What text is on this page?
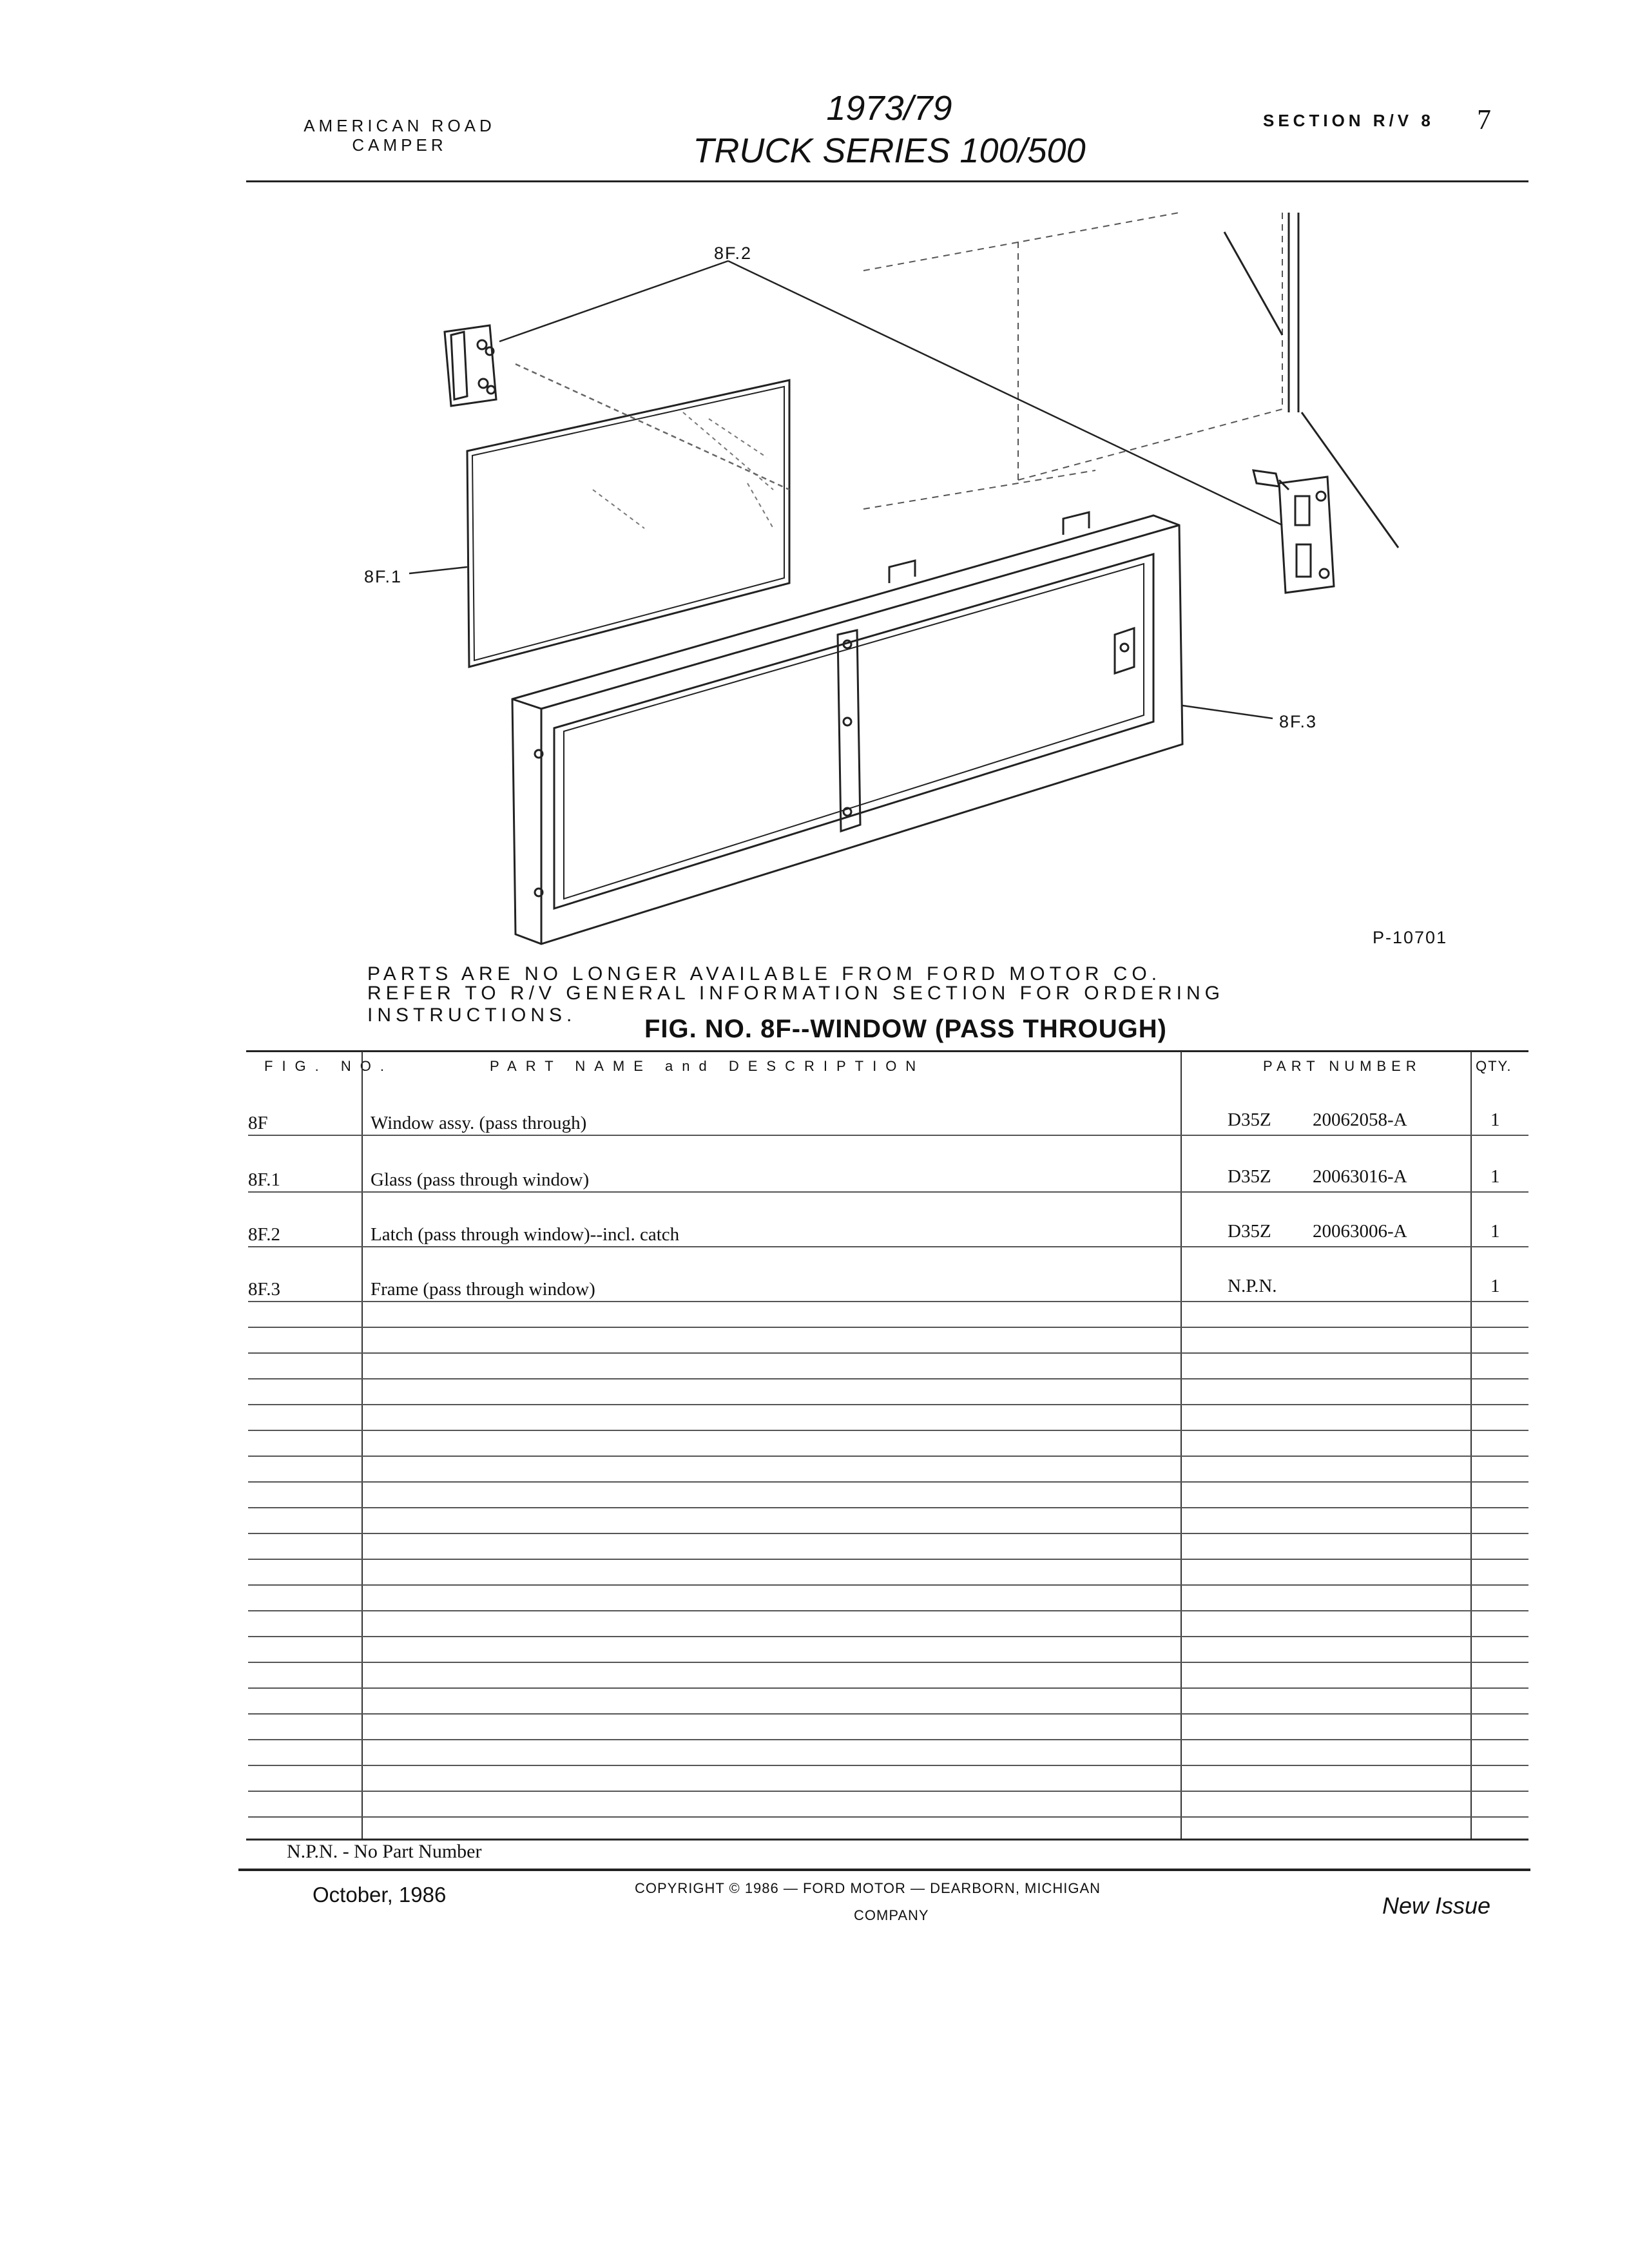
AMERICAN ROAD
CAMPER
1973/79
TRUCK SERIES 100/500
SECTION R/V 8 7
8F.2
8F.1
8F.3
P-10701
PARTS ARE NO LONGER AVAILABLE FROM FORD MOTOR CO.
REFER TO R/V GENERAL INFORMATION SECTION FOR ORDERING INSTRUCTIONS.	FIG. NO. 8F--WINDOW (PASS THROUGH)
FIG. NO.	PART NAME and DESCRIPTION	PART NUMBER	QTY.
8F	Window assy. (pass through)	D35Z 20062058-A	1
8F.1	Glass (pass through window)	D35Z 20063016-A	1
8F.2	Latch (pass through window)--incl. catch	D35Z 20063006-A	1
8F.3	Frame (pass through window)	N.P.N.	1
N.P.N. - No Part Number
October, 1986	COPYRIGHT © 1986 — FORD MOTOR — DEARBORN, MICHIGAN
COMPANY	New Issue
